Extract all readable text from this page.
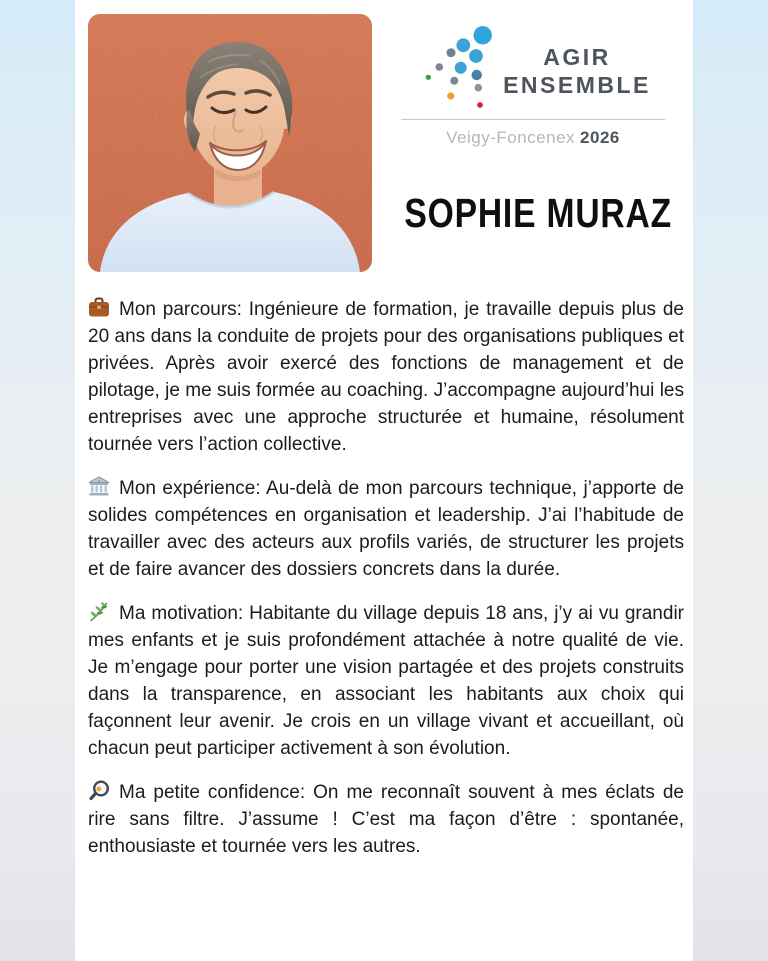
AGIR
ENSEMBLE
Veigy-Foncenex 2026
SOPHIE MURAZ

Mon parcours: Ingénieure de formation, je travaille depuis plus de 20 ans dans la conduite de projets pour des organisations publiques et privées. Après avoir exercé des fonctions de management et de pilotage, je me suis formée au coaching. J’accompagne aujourd’hui les entreprises avec une approche structurée et humaine, résolument tournée vers l’action collective.

Mon expérience: Au-delà de mon parcours technique, j’apporte de solides compétences en organisation et leadership. J’ai l’habitude de travailler avec des acteurs aux profils variés, de structurer les projets et de faire avancer des dossiers concrets dans la durée.

Ma motivation: Habitante du village depuis 18 ans, j’y ai vu grandir mes enfants et je suis profondément attachée à notre qualité de vie. Je m’engage pour porter une vision partagée et des projets construits dans la transparence, en associant les habitants aux choix qui façonnent leur avenir. Je crois en un village vivant et accueillant, où chacun peut participer activement à son évolution.

Ma petite confidence: On me reconnaît souvent à mes éclats de rire sans filtre. J’assume ! C’est ma façon d’être : spontanée, enthousiaste et tournée vers les autres.
